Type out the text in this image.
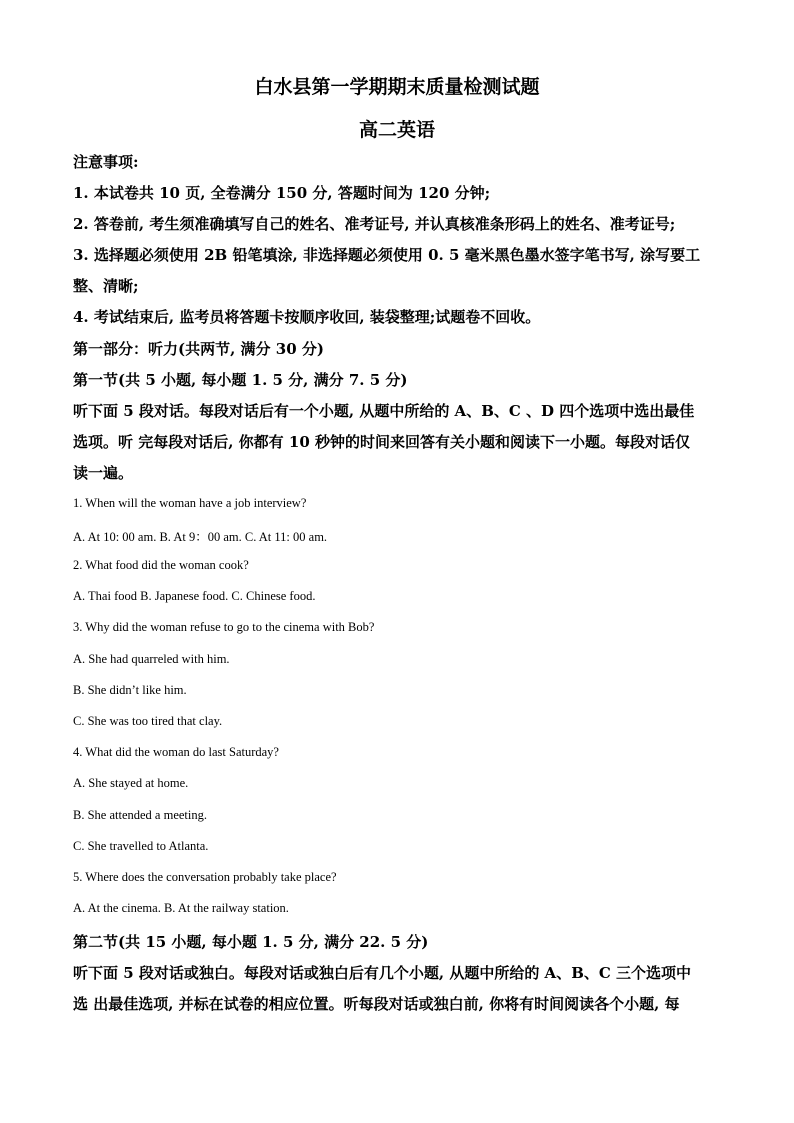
白水县第一学期期末质量检测试题
高二英语
注意事项:
1. 本试卷共 10 页, 全卷满分 150 分, 答题时间为 120 分钟;
2. 答卷前, 考生须准确填写自己的姓名、准考证号, 并认真核准条形码上的姓名、准考证号;
3. 选择题必须使用 2B 铅笔填涂, 非选择题必须使用 0. 5 毫米黑色墨水签字笔书写, 涂写要工
整、清晰;
4. 考试结束后, 监考员将答题卡按顺序收回, 装袋整理;试题卷不回收。
第一部分：听力(共两节, 满分 30 分)
第一节(共 5 小题, 每小题 1. 5 分, 满分 7. 5 分)
听下面 5 段对话。每段对话后有一个小题, 从题中所给的 A、B、C 、D 四个选项中选出最佳
选项。听 完每段对话后, 你都有 10 秒钟的时间来回答有关小题和阅读下一小题。每段对话仅
读一遍。
1. When will the woman have a job interview?
A. At 10: 00 am. B. At 9：00 am. C. At 11: 00 am.
2. What food did the woman cook?
A. Thai food B. Japanese food. C. Chinese food.
3. Why did the woman refuse to go to the cinema with Bob?
A. She had quarreled with him.
B. She didn’t like him.
C. She was too tired that clay.
4. What did the woman do last Saturday?
A. She stayed at home.
B. She attended a meeting.
C. She travelled to Atlanta.
5. Where does the conversation probably take place?
A. At the cinema. B. At the railway station.
第二节(共 15 小题, 每小题 1. 5 分, 满分 22. 5 分)
听下面 5 段对话或独白。每段对话或独白后有几个小题, 从题中所给的 A、B、C 三个选项中
选 出最佳选项, 并标在试卷的相应位置。听每段对话或独白前, 你将有时间阅读各个小题, 每
